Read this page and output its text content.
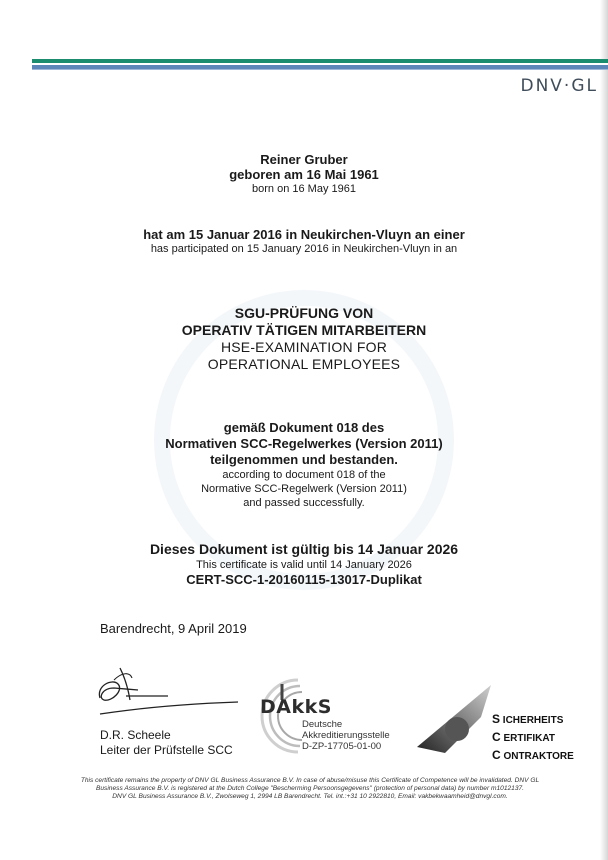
DNV·GL
Reiner Gruber
geboren am 16 Mai 1961
born on 16 May 1961
hat am 15 Januar 2016 in Neukirchen-Vluyn an einer
has participated on 15 January 2016 in Neukirchen-Vluyn in an
SGU-PRÜFUNG VON
OPERATIV TÄTIGEN MITARBEITERN
HSE-EXAMINATION FOR
OPERATIONAL EMPLOYEES
gemäß Dokument 018 des
Normativen SCC-Regelwerkes (Version 2011)
teilgenommen und bestanden.
according to document 018 of the
Normative SCC-Regelwerk (Version 2011)
and passed successfully.
Dieses Dokument ist gültig bis 14 Januar 2026
This certificate is valid until 14 January 2026
CERT-SCC-1-20160115-13017-Duplikat
Barendrecht, 9 April 2019
D.R. Scheele
Leiter der Prüfstelle SCC
DAkkS
Deutsche
Akkreditierungsstelle
D-ZP-17705-01-00
S ICHERHEITS
C ERTIFIKAT
C ONTRAKTORE
This certificate remains the property of DNV GL Business Assurance B.V. In case of abuse/misuse this Certificate of Competence will be invalidated. DNV GL
Business Assurance B.V. is registered at the Dutch College "Bescherming Persoonsgegevens" (protection of personal data) by number m1012137.
DNV GL Business Assurance B.V., Zwolseweg 1, 2994 LB Barendrecht. Tel. int.:+31 10 2922810, Email: vakbekwaamheid@dnvgl.com.
